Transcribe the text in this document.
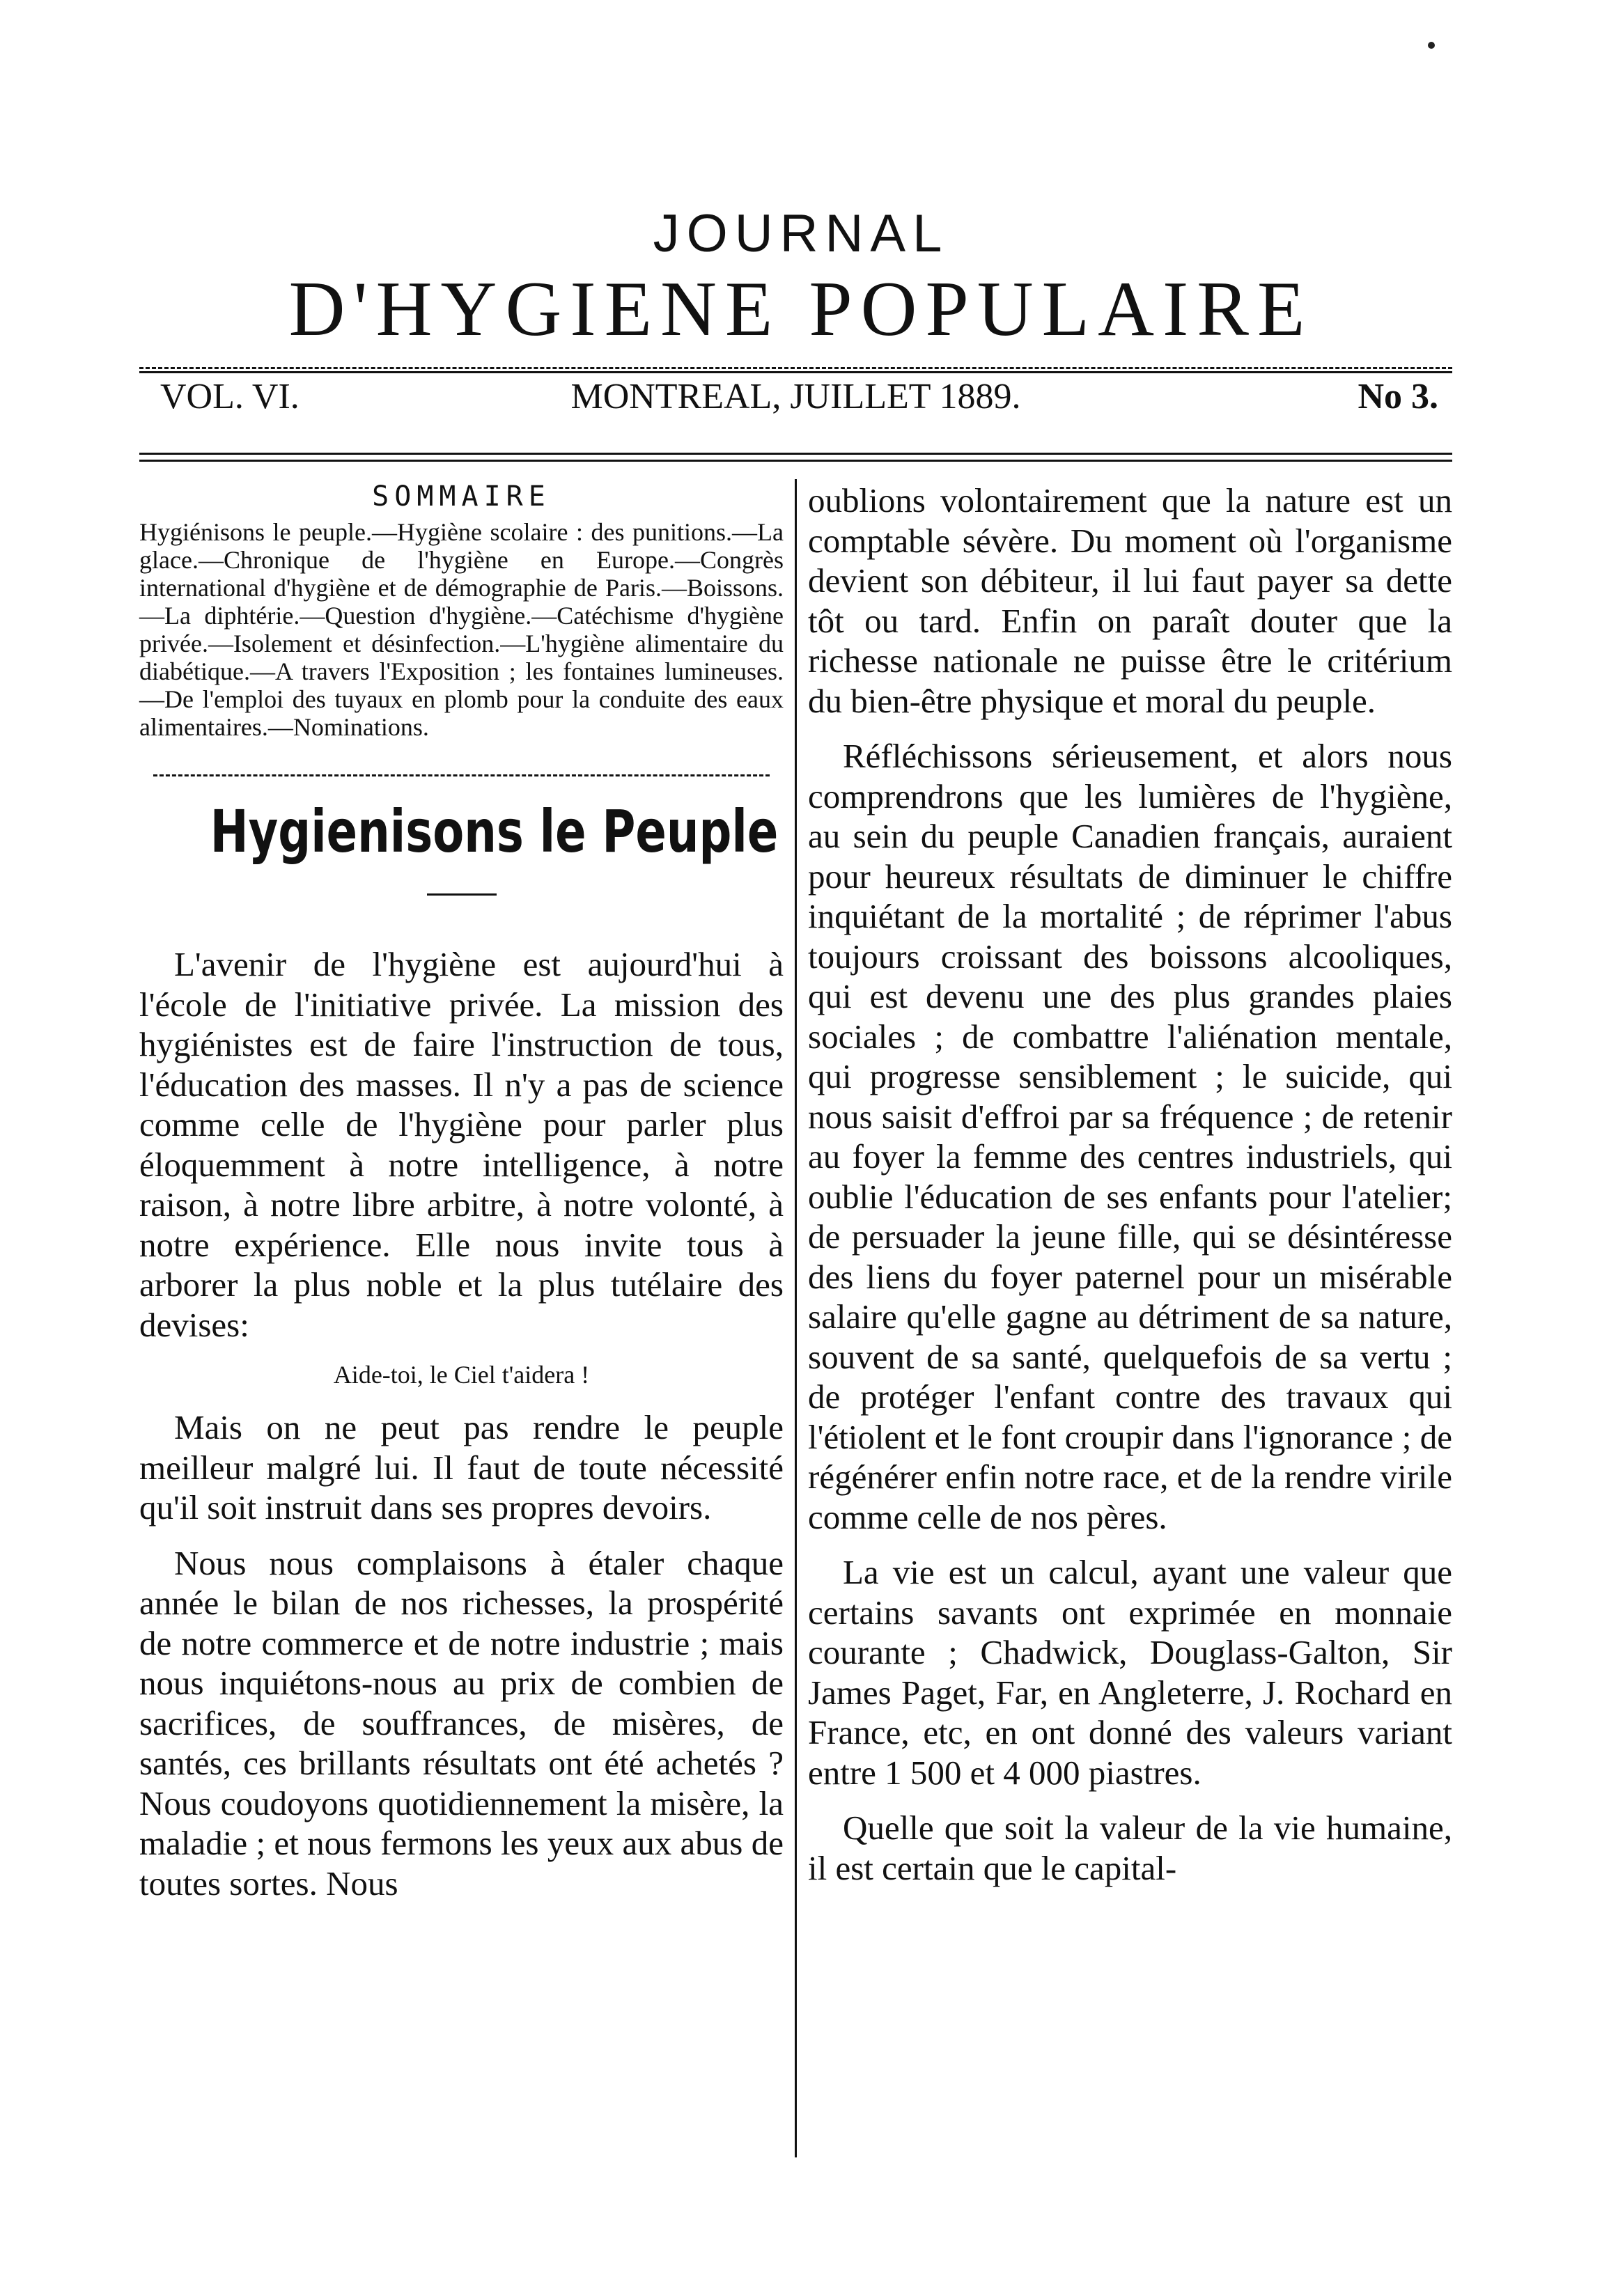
JOURNAL
D'HYGIENE POPULAIRE
MONTREAL, JUILLET 1889.
VOL. VI.	No 3.
SOMMAIRE

Hygiénisons le peuple.—Hygiène scolaire : des punitions.—La glace.—Chronique de l'hygiène en Europe.—Congrès international d'hygiène et de démographie de Paris.—Boissons.—La diphtérie.—Question d'hygiène.—Catéchisme d'hygiène privée.—Isolement et désinfection.—L'hygiène alimentaire du diabétique.—A travers l'Exposition ; les fontaines lumineuses.—De l'emploi des tuyaux en plomb pour la conduite des eaux alimentaires.—Nominations.

Hygienisons le Peuple

L'avenir de l'hygiène est aujourd'hui à l'école de l'initiative privée. La mission des hygiénistes est de faire l'instruction de tous, l'éducation des masses. Il n'y a pas de science comme celle de l'hygiène pour parler plus éloquemment à notre intelligence, à notre raison, à notre libre arbitre, à notre volonté, à notre expérience. Elle nous invite tous à arborer la plus noble et la plus tutélaire des devises:

Aide-toi, le Ciel t'aidera !

Mais on ne peut pas rendre le peuple meilleur malgré lui. Il faut de toute nécessité qu'il soit instruit dans ses propres devoirs.

Nous nous complaisons à étaler chaque année le bilan de nos richesses, la prospérité de notre commerce et de notre industrie ; mais nous inquiétons-nous au prix de combien de sacrifices, de souffrances, de misères, de santés, ces brillants résultats ont été achetés ? Nous coudoyons quotidiennement la misère, la maladie ; et nous fermons les yeux aux abus de toutes sortes. Nous

oublions volontairement que la nature est un comptable sévère. Du moment où l'organisme devient son débiteur, il lui faut payer sa dette tôt ou tard. Enfin on paraît douter que la richesse nationale ne puisse être le critérium du bien-être physique et moral du peuple.

Réfléchissons sérieusement, et alors nous comprendrons que les lumières de l'hygiène, au sein du peuple Canadien français, auraient pour heureux résultats de diminuer le chiffre inquiétant de la mortalité ; de réprimer l'abus toujours croissant des boissons alcooliques, qui est devenu une des plus grandes plaies sociales ; de combattre l'aliénation mentale, qui progresse sensiblement ; le suicide, qui nous saisit d'effroi par sa fréquence ; de retenir au foyer la femme des centres industriels, qui oublie l'éducation de ses enfants pour l'atelier; de persuader la jeune fille, qui se désintéresse des liens du foyer paternel pour un misérable salaire qu'elle gagne au détriment de sa nature, souvent de sa santé, quelquefois de sa vertu ; de protéger l'enfant contre des travaux qui l'étiolent et le font croupir dans l'ignorance ; de régénérer enfin notre race, et de la rendre virile comme celle de nos pères.

La vie est un calcul, ayant une valeur que certains savants ont exprimée en monnaie courante ; Chadwick, Douglass-Galton, Sir James Paget, Far, en Angleterre, J. Rochard en France, etc, en ont donné des valeurs variant entre 1 500 et 4 000 piastres.

Quelle que soit la valeur de la vie humaine, il est certain que le capital-
